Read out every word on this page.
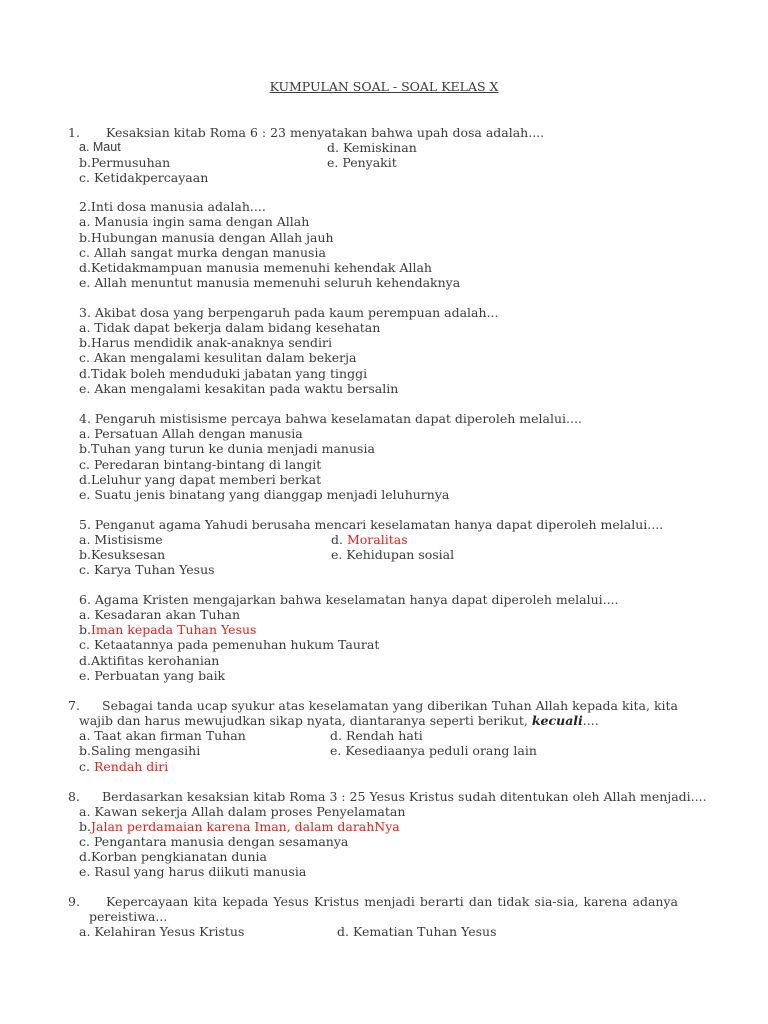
KUMPULAN SOAL - SOAL KELAS X
1. Kesaksian kitab Roma 6 : 23 menyatakan bahwa upah dosa adalah....
a. Maut	d. Kemiskinan
b.Permusuhan	e. Penyakit
c. Ketidakpercayaan
2.Inti dosa manusia adalah....
a. Manusia ingin sama dengan Allah
b.Hubungan manusia dengan Allah jauh
c. Allah sangat murka dengan manusia
d.Ketidakmampuan manusia memenuhi kehendak Allah
e. Allah menuntut manusia memenuhi seluruh kehendaknya
3. Akibat dosa yang berpengaruh pada kaum perempuan adalah...
a. Tidak dapat bekerja dalam bidang kesehatan
b.Harus mendidik anak-anaknya sendiri
c. Akan mengalami kesulitan dalam bekerja
d.Tidak boleh menduduki jabatan yang tinggi
e. Akan mengalami kesakitan pada waktu bersalin
4. Pengaruh mistisisme percaya bahwa keselamatan dapat diperoleh melalui....
a. Persatuan Allah dengan manusia
b.Tuhan yang turun ke dunia menjadi manusia
c. Peredaran bintang-bintang di langit
d.Leluhur yang dapat memberi berkat
e. Suatu jenis binatang yang dianggap menjadi leluhurnya
5. Penganut agama Yahudi berusaha mencari keselamatan hanya dapat diperoleh melalui....
a. Mistisisme	d. Moralitas
b.Kesuksesan	e. Kehidupan sosial
c. Karya Tuhan Yesus
6. Agama Kristen mengajarkan bahwa keselamatan hanya dapat diperoleh melalui....
a. Kesadaran akan Tuhan
b.Iman kepada Tuhan Yesus
c. Ketaatannya pada pemenuhan hukum Taurat
d.Aktifitas kerohanian
e. Perbuatan yang baik
7. Sebagai tanda ucap syukur atas keselamatan yang diberikan Tuhan Allah kepada kita, kita
wajib dan harus mewujudkan sikap nyata, diantaranya seperti berikut, kecuali....
a. Taat akan firman Tuhan	d. Rendah hati
b.Saling mengasihi	e. Kesediaanya peduli orang lain
c. Rendah diri
8. Berdasarkan kesaksian kitab Roma 3 : 25 Yesus Kristus sudah ditentukan oleh Allah menjadi....
a. Kawan sekerja Allah dalam proses Penyelamatan
b.Jalan perdamaian karena Iman, dalam darahNya
c. Pengantara manusia dengan sesamanya
d.Korban pengkianatan dunia
e. Rasul yang harus diikuti manusia
9. Kepercayaan kita kepada Yesus Kristus menjadi berarti dan tidak sia-sia, karena adanya
pereistiwa...
a. Kelahiran Yesus Kristus	d. Kematian Tuhan Yesus
